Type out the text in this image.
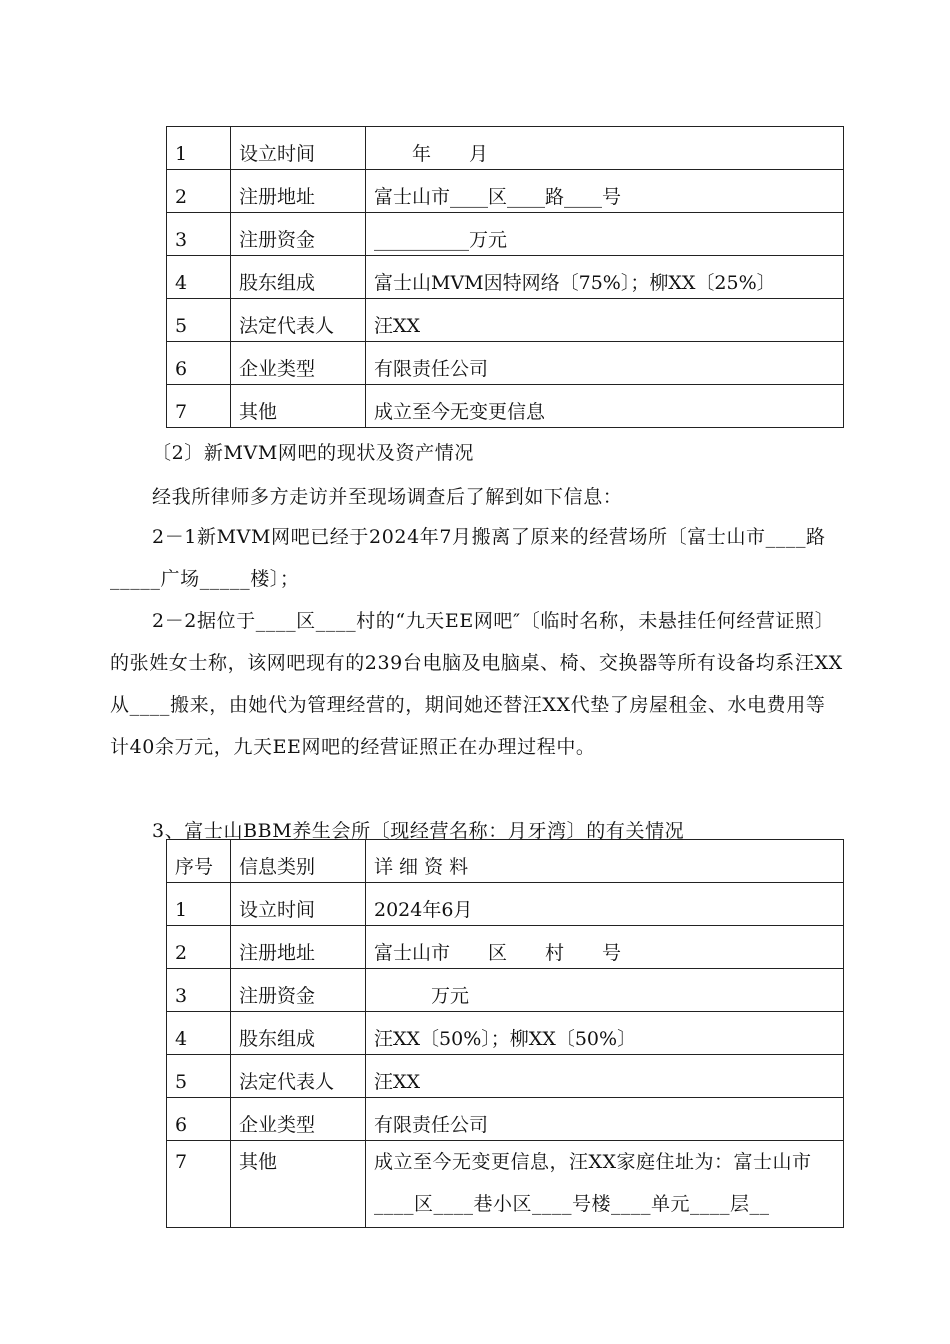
1	设立时间	　　年　　月
2	注册地址	富士山市____区____路____号
3	注册资金	__________万元
4	股东组成	富士山MVM因特网络〔75%〕；柳XX〔25%〕
5	法定代表人	汪XX
6	企业类型	有限责任公司
7	其他	成立至今无变更信息

〔2〕新MVM网吧的现状及资产情况

经我所律师多方走访并至现场调查后了解到如下信息：

2－1新MVM网吧已经于2024年7月搬离了原来的经营场所〔富士山市____路_____广场_____楼〕；

2－2据位于____区____村的“九天EE网吧″〔临时名称，未悬挂任何经营证照〕的张姓女士称，该网吧现有的239台电脑及电脑桌、椅、交换器等所有设备均系汪XX从____搬来，由她代为管理经营的，期间她还替汪XX代垫了房屋租金、水电费用等计40余万元，九天EE网吧的经营证照正在办理过程中。

3、富士山BBM养生会所〔现经营名称：月牙湾〕的有关情况

序号	信息类别	详 细 资 料
1	设立时间	2024年6月
2	注册地址	富士山市　　区　　村　　号
3	注册资金	　　　万元
4	股东组成	汪XX〔50%〕；柳XX〔50%〕
5	法定代表人	汪XX
6	企业类型	有限责任公司
7	其他	成立至今无变更信息，汪XX家庭住址为：富士山市____区____巷小区____号楼____单元____层__
